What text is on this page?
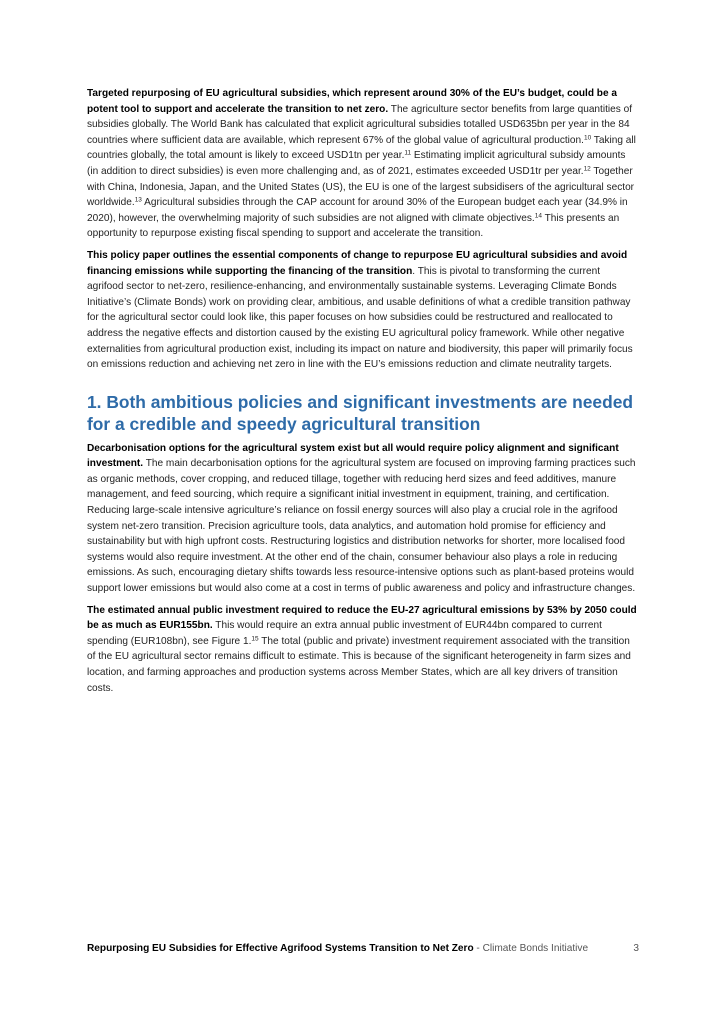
Targeted repurposing of EU agricultural subsidies, which represent around 30% of the EU’s budget, could be a potent tool to support and accelerate the transition to net zero. The agriculture sector benefits from large quantities of subsidies globally. The World Bank has calculated that explicit agricultural subsidies totalled USD635bn per year in the 84 countries where sufficient data are available, which represent 67% of the global value of agricultural production.$^{10}$ Taking all countries globally, the total amount is likely to exceed USD1tn per year.$^{11}$ Estimating implicit agricultural subsidy amounts (in addition to direct subsidies) is even more challenging and, as of 2021, estimates exceeded USD1tr per year.$^{12}$ Together with China, Indonesia, Japan, and the United States (US), the EU is one of the largest subsidisers of the agricultural sector worldwide.$^{13}$ Agricultural subsidies through the CAP account for around 30% of the European budget each year (34.9% in 2020), however, the overwhelming majority of such subsidies are not aligned with climate objectives.$^{14}$ This presents an opportunity to repurpose existing fiscal spending to support and accelerate the transition.

This policy paper outlines the essential components of change to repurpose EU agricultural subsidies and avoid financing emissions while supporting the financing of the transition. This is pivotal to transforming the current agrifood sector to net-zero, resilience-enhancing, and environmentally sustainable systems. Leveraging Climate Bonds Initiative’s (Climate Bonds) work on providing clear, ambitious, and usable definitions of what a credible transition pathway for the agricultural sector could look like, this paper focuses on how subsidies could be restructured and reallocated to address the negative effects and distortion caused by the existing EU agricultural policy framework. While other negative externalities from agricultural production exist, including its impact on nature and biodiversity, this paper will primarily focus on emissions reduction and achieving net zero in line with the EU’s emissions reduction and climate neutrality targets.

1. Both ambitious policies and significant investments are needed for a credible and speedy agricultural transition

Decarbonisation options for the agricultural system exist but all would require policy alignment and significant investment. The main decarbonisation options for the agricultural system are focused on improving farming practices such as organic methods, cover cropping, and reduced tillage, together with reducing herd sizes and feed additives, manure management, and feed sourcing, which require a significant initial investment in equipment, training, and certification. Reducing large-scale intensive agriculture’s reliance on fossil energy sources will also play a crucial role in the agrifood system net-zero transition. Precision agriculture tools, data analytics, and automation hold promise for efficiency and sustainability but with high upfront costs. Restructuring logistics and distribution networks for shorter, more localised food systems would also require investment. At the other end of the chain, consumer behaviour also plays a role in reducing emissions. As such, encouraging dietary shifts towards less resource-intensive options such as plant-based proteins would support lower emissions but would also come at a cost in terms of public awareness and policy and infrastructure changes.

The estimated annual public investment required to reduce the EU-27 agricultural emissions by 53% by 2050 could be as much as EUR155bn. This would require an extra annual public investment of EUR44bn compared to current spending (EUR108bn), see Figure 1.15 The total (public and private) investment requirement associated with the transition of the EU agricultural sector remains difficult to estimate. This is because of the significant heterogeneity in farm sizes and location, and farming approaches and production systems across Member States, which are all key drivers of transition costs.

Repurposing EU Subsidies for Effective Agrifood Systems Transition to Net Zero - Climate Bonds Initiative	3
